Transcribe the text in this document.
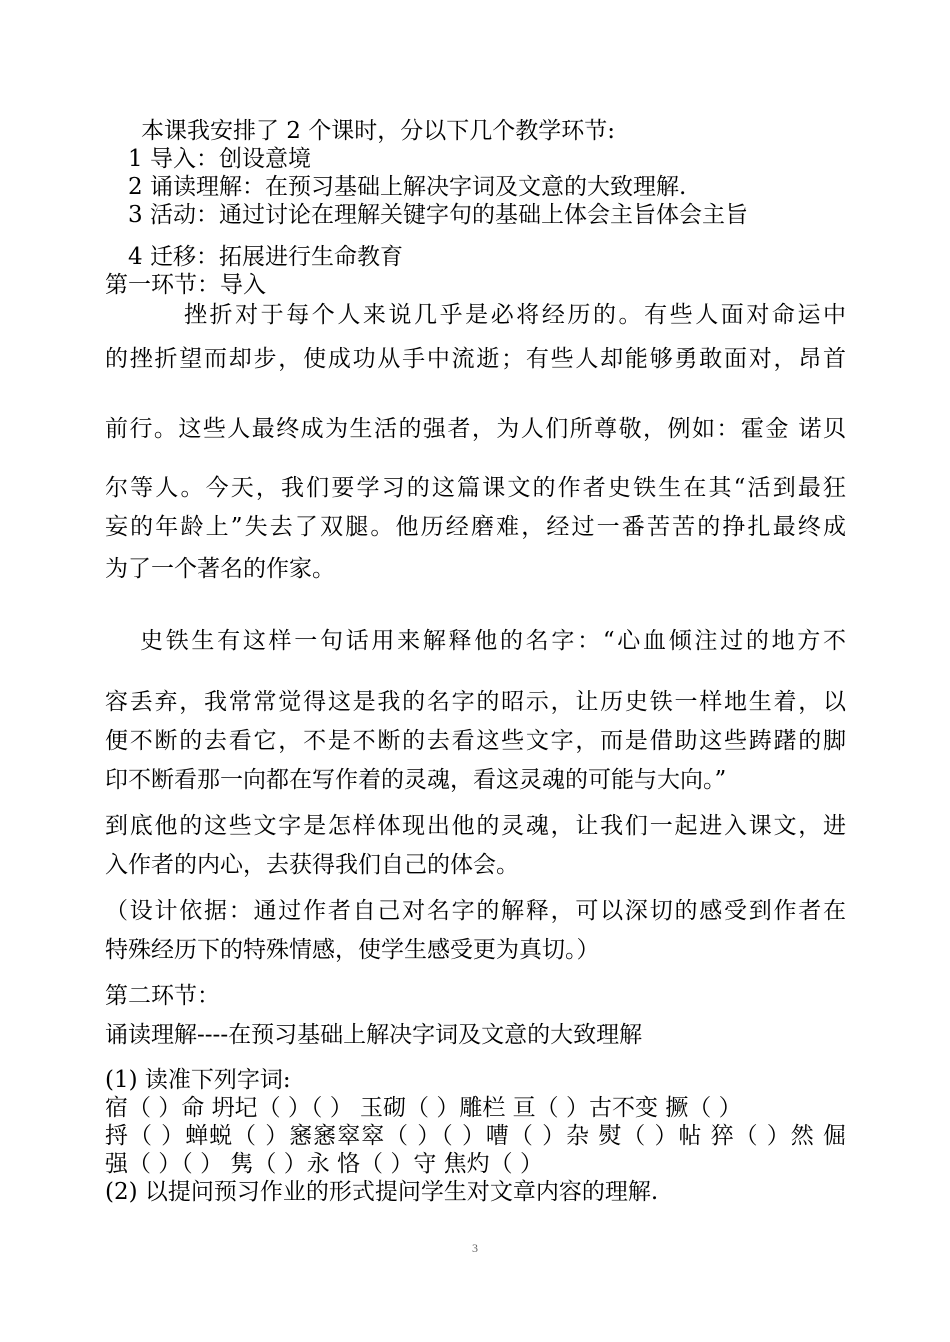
本课我安排了 2 个课时，分以下几个教学环节:

1 导入：创设意境

2 诵读理解：在预习基础上解决字词及文意的大致理解.

3 活动：通过讨论在理解关键字句的基础上体会主旨体会主旨

4 迁移：拓展进行生命教育

第一环节：导入

挫折对于每个人来说几乎是必将经历的。有些人面对命运中

的挫折望而却步，使成功从手中流逝；有些人却能够勇敢面对，昂首

前行。这些人最终成为生活的强者，为人们所尊敬，例如：霍金 诺贝

尔等人。今天，我们要学习的这篇课文的作者史铁生在其“活到最狂

妄的年龄上”失去了双腿。他历经磨难，经过一番苦苦的挣扎最终成

为了一个著名的作家。

史铁生有这样一句话用来解释他的名字：“心血倾注过的地方不

容丢弃，我常常觉得这是我的名字的昭示，让历史铁一样地生着，以

便不断的去看它，不是不断的去看这些文字，而是借助这些踌躇的脚

印不断看那一向都在写作着的灵魂，看这灵魂的可能与大向。”

到底他的这些文字是怎样体现出他的灵魂，让我们一起进入课文，进

入作者的内心，去获得我们自己的体会。

（设计依据：通过作者自己对名字的解释，可以深切的感受到作者在

特殊经历下的特殊情感，使学生感受更为真切。）

第二环节：

诵读理解----在预习基础上解决字词及文意的大致理解

(1) 读准下列字词:

宿（ ）命 坍圮（ ）（ ） 玉砌（ ）雕栏 亘（ ）古不变 撅（ ）

捋（ ）蝉蜕（ ）窸窸窣窣（ ）（ ）嘈（ ）杂 熨（ ）帖 猝（ ）然 倔

强（ ）（ ） 隽（ ）永 恪（ ）守 焦灼（ ）

(2) 以提问预习作业的形式提问学生对文章内容的理解.

3
